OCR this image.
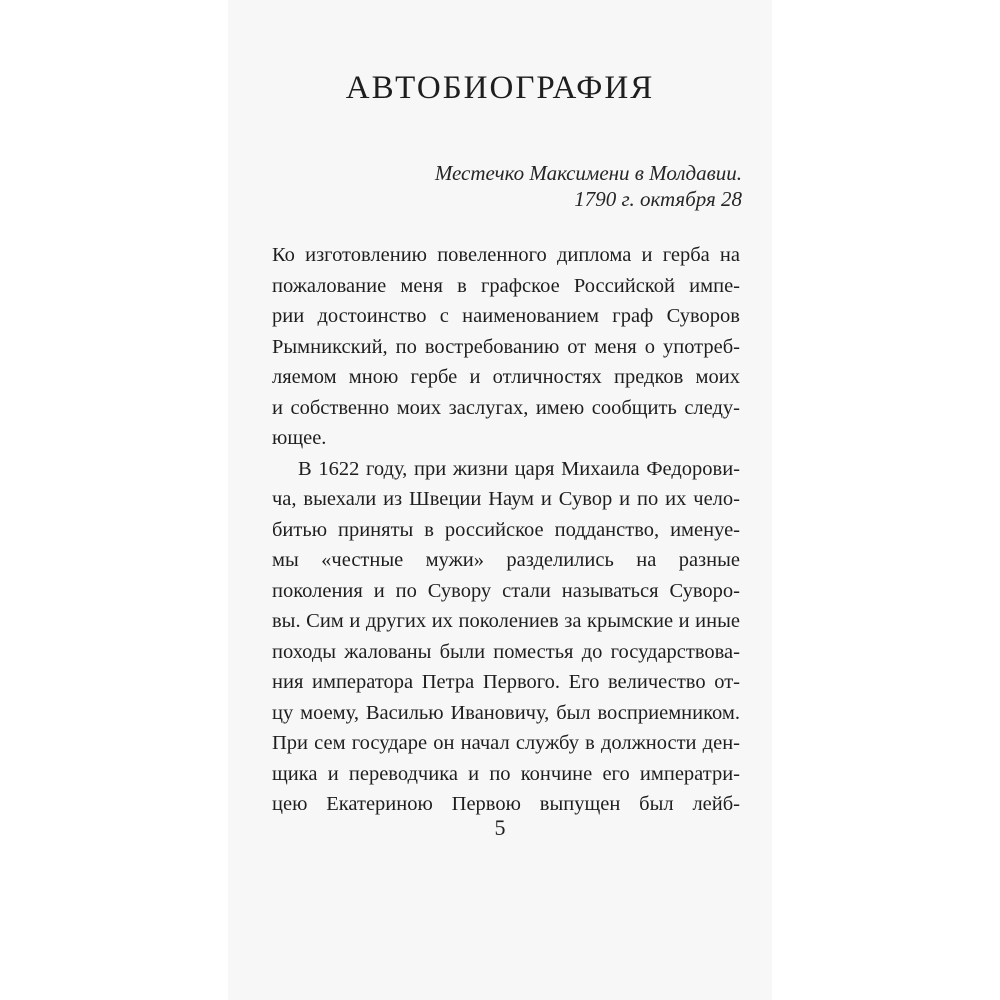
АВТОБИОГРАФИЯ
Местечко Максимени в Молдавии.
1790 г. октября 28
Ко изготовлению повеленного диплома и герба на
пожалование меня в графское Российской импе-
рии достоинство с наименованием граф Суворов
Рымникский, по востребованию от меня о употреб-
ляемом мною гербе и отличностях предков моих
и собственно моих заслугах, имею сообщить следу-
ющее.
В 1622 году, при жизни царя Михаила Федорови-
ча, выехали из Швеции Наум и Сувор и по их чело-
битью приняты в российское подданство, именуе-
мы «честные мужи» разделились на разные
поколения и по Сувору стали называться Суворо-
вы. Сим и других их поколениев за крымские и иные
походы жалованы были поместья до государствова-
ния императора Петра Первого. Его величество от-
цу моему, Василью Ивановичу, был восприемником.
При сем государе он начал службу в должности ден-
щика и переводчика и по кончине его императри-
цею Екатериною Первою выпущен был лейб-
5
